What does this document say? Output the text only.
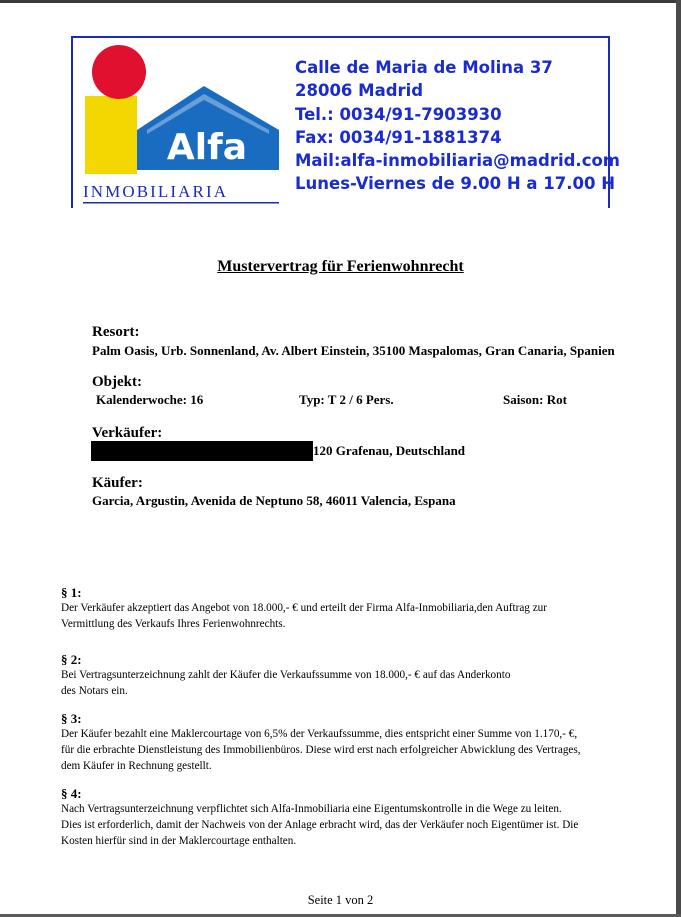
Alfa
INMOBILIARIA
Calle de Maria de Molina 37
28006 Madrid
Tel.: 0034/91-7903930
Fax: 0034/91-1881374
Mail:alfa-inmobiliaria@madrid.com
Lunes-Viernes de 9.00 H a 17.00 H
Mustervertrag für Ferienwohnrecht
Resort:
Palm Oasis, Urb. Sonnenland, Av. Albert Einstein, 35100 Maspalomas, Gran Canaria, Spanien
Objekt:
Kalenderwoche: 16	Typ: T 2 / 6 Pers.	Saison: Rot
Verkäufer:
120 Grafenau, Deutschland
Käufer:
Garcia, Argustin, Avenida de Neptuno 58, 46011 Valencia, Espana
§ 1:
Der Verkäufer akzeptiert das Angebot von 18.000,- € und erteilt der Firma Alfa-Inmobiliaria,den Auftrag zur
Vermittlung des Verkaufs Ihres Ferienwohnrechts.
§ 2:
Bei Vertragsunterzeichnung zahlt der Käufer die Verkaufssumme von 18.000,- € auf das Anderkonto
des Notars ein.
§ 3:
Der Käufer bezahlt eine Maklercourtage von 6,5% der Verkaufssumme, dies entspricht einer Summe von 1.170,- €,
für die erbrachte Dienstleistung des Immobilienbüros. Diese wird erst nach erfolgreicher Abwicklung des Vertrages,
dem Käufer in Rechnung gestellt.
§ 4:
Nach Vertragsunterzeichnung verpflichtet sich Alfa-Inmobiliaria eine Eigentumskontrolle in die Wege zu leiten.
Dies ist erforderlich, damit der Nachweis von der Anlage erbracht wird, das der Verkäufer noch Eigentümer ist. Die
Kosten hierfür sind in der Maklercourtage enthalten.
Seite 1 von 2
